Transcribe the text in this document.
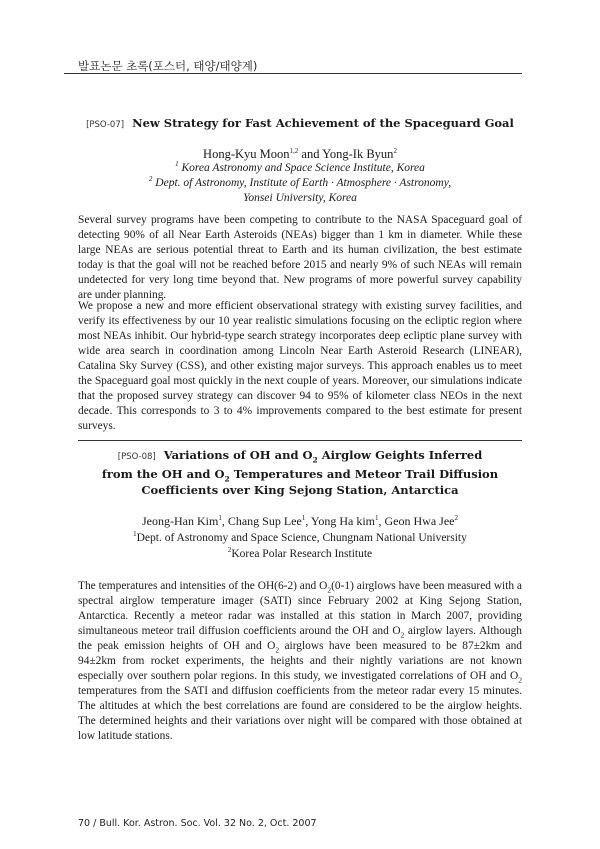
발표논문 초록(포스터, 태양/태양계)
[PSO-07] New Strategy for Fast Achievement of the Spaceguard Goal
Hong-Kyu Moon$^{1,2}$ and Yong-Ik Byun$^2$
$^1$ Korea Astronomy and Space Science Institute, Korea
$^2$ Dept. of Astronomy, Institute of Earth · Atmosphere · Astronomy,
Yonsei University, Korea

Several survey programs have been competing to contribute to the NASA Spaceguard goal of detecting 90% of all Near Earth Asteroids (NEAs) bigger than 1 km in diameter. While these large NEAs are serious potential threat to Earth and its human civilization, the best estimate today is that the goal will not be reached before 2015 and nearly 9% of such NEAs will remain undetected for very long time beyond that. New programs of more powerful survey capability are under planning.

We propose a new and more efficient observational strategy with existing survey facilities, and verify its effectiveness by our 10 year realistic simulations focusing on the ecliptic region where most NEAs inhibit. Our hybrid-type search strategy incorporates deep ecliptic plane survey with wide area search in coordination among Lincoln Near Earth Asteroid Research (LINEAR), Catalina Sky Survey (CSS), and other existing major surveys. This approach enables us to meet the Spaceguard goal most quickly in the next couple of years. Moreover, our simulations indicate that the proposed survey strategy can discover 94 to 95% of kilometer class NEOs in the next decade. This corresponds to 3 to 4% improvements compared to the best estimate for present surveys.

[PSO-08] Variations of OH and $O_2$ Airglow Geights Inferred
from the OH and $O_2$ Temperatures and Meteor Trail Diffusion
Coefficients over King Sejong Station, Antarctica
Jeong-Han Kim$^1$, Chang Sup Lee$^1$, Yong Ha kim$^1$, Geon Hwa Jee$^2$
$^1$Dept. of Astronomy and Space Science, Chungnam National University
$^2$Korea Polar Research Institute

The temperatures and intensities of the OH(6-2) and $O_2(0-1)$ airglows have been measured with a spectral airglow temperature imager (SATI) since February 2002 at King Sejong Station, Antarctica. Recently a meteor radar was installed at this station in March 2007, providing simultaneous meteor trail diffusion coefficients around the OH and $O_2$ airglow layers. Although the peak emission heights of OH and $O_2$ airglows have been measured to be 87±2km and 94±2km from rocket experiments, the heights and their nightly variations are not known especially over southern polar regions. In this study, we investigated correlations of OH and $O_2$ temperatures from the SATI and diffusion coefficients from the meteor radar every 15 minutes. The altitudes at which the best correlations are found are considered to be the airglow heights. The determined heights and their variations over night will be compared with those obtained at low latitude stations.

70 / Bull. Kor. Astron. Soc. Vol. 32 No. 2, Oct. 2007
